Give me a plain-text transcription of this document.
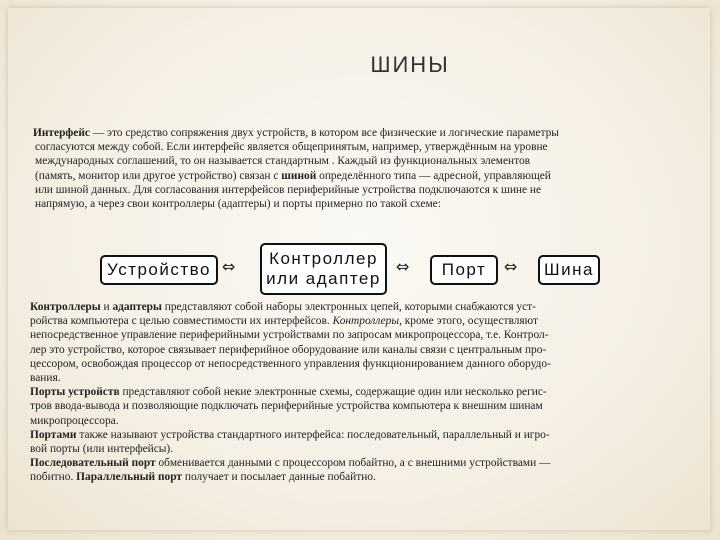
ШИНЫ
Интерфейс — это средство сопряжения двух устройств, в котором все физические и логические параметры
согласуются между собой. Если интерфейс является общепринятым, например, утверждённым на уровне
международных соглашений, то он называется стандартным . Каждый из функциональных элементов
(память, монитор или другое устройство) связан с шиной определённого типа — адресной, управляющей
или шиной данных. Для согласования интерфейсов периферийные устройства подключаются к шине не
напрямую, а через свои контроллеры (адаптеры) и порты примерно по такой схеме:
Устройство ⇔	Контроллер
или адаптер
⇔	Порт	⇔	Шина
Контроллеры и адаптеры представляют собой наборы электронных цепей, которыми снабжаются уст-
ройства компьютера с целью совместимости их интерфейсов. Контроллеры, кроме этого, осуществляют
непосредственное управление периферийными устройствами по запросам микропроцессора, т.е. Контрол-
лер это устройство, которое связывает периферийное оборудование или каналы связи с центральным про-
цессором, освобождая процессор от непосредственного управления функционированием данного оборудо-
вания.
Порты устройств представляют собой некие электронные схемы, содержащие один или несколько регис-
тров ввода-вывода и позволяющие подключать периферийные устройства компьютера к внешним шинам
микропроцессора.
Портами также называют устройства стандартного интерфейса: последовательный, параллельный и игро-
вой порты (или интерфейсы).
Последовательный порт обменивается данными с процессором побайтно, а с внешними устройствами —
побитно. Параллельный порт получает и посылает данные побайтно.
